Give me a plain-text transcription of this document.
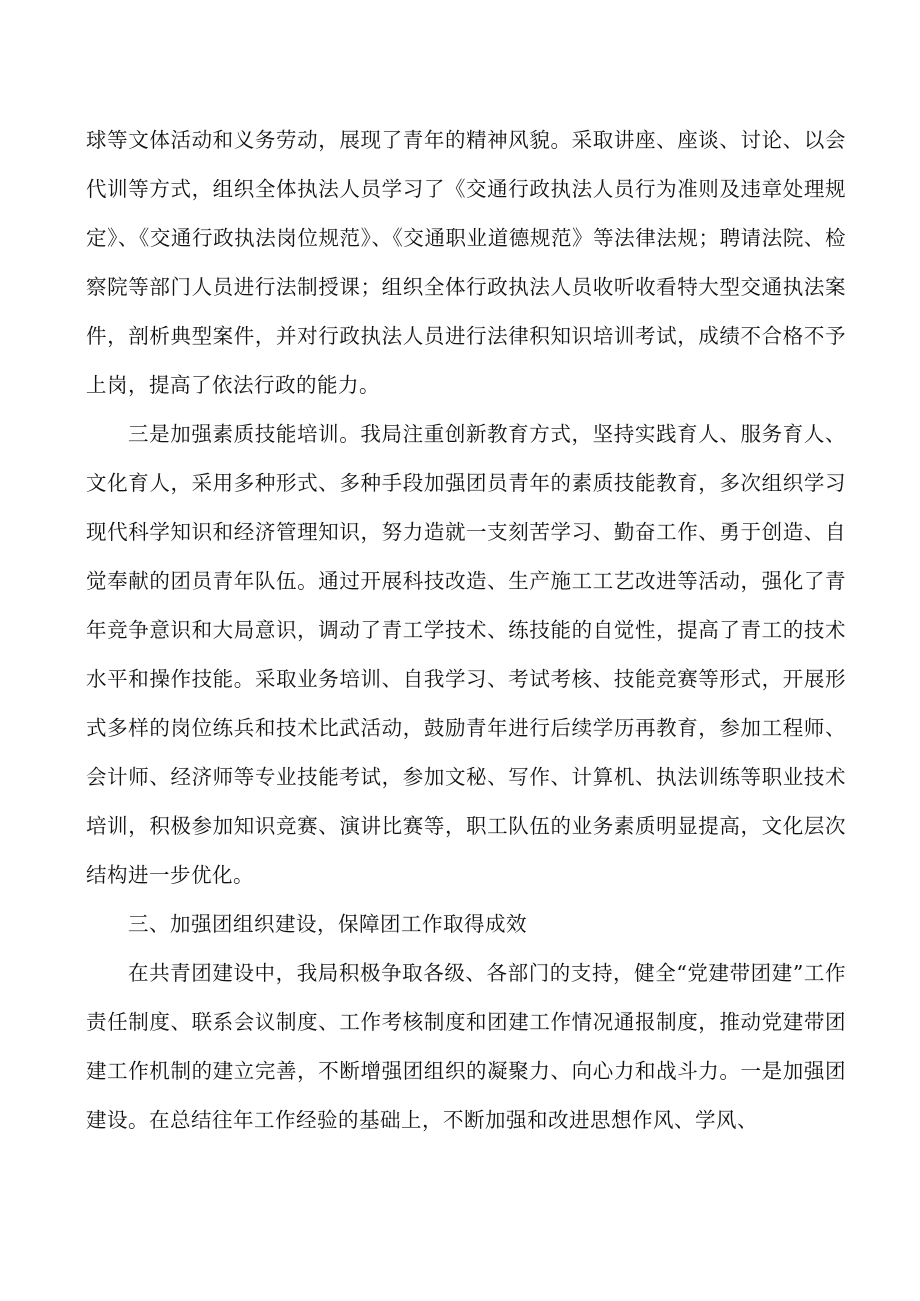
球等文体活动和义务劳动，展现了青年的精神风貌。采取讲座、座谈、讨论、以会代训等方式，组织全体执法人员学习了《交通行政执法人员行为准则及违章处理规定》、《交通行政执法岗位规范》、《交通职业道德规范》等法律法规；聘请法院、检察院等部门人员进行法制授课；组织全体行政执法人员收听收看特大型交通执法案件，剖析典型案件，并对行政执法人员进行法律积知识培训考试，成绩不合格不予上岗，提高了依法行政的能力。

三是加强素质技能培训。我局注重创新教育方式，坚持实践育人、服务育人、文化育人，采用多种形式、多种手段加强团员青年的素质技能教育，多次组织学习现代科学知识和经济管理知识，努力造就一支刻苦学习、勤奋工作、勇于创造、自觉奉献的团员青年队伍。通过开展科技改造、生产施工工艺改进等活动，强化了青年竞争意识和大局意识，调动了青工学技术、练技能的自觉性，提高了青工的技术水平和操作技能。采取业务培训、自我学习、考试考核、技能竞赛等形式，开展形式多样的岗位练兵和技术比武活动，鼓励青年进行后续学历再教育，参加工程师、会计师、经济师等专业技能考试，参加文秘、写作、计算机、执法训练等职业技术培训，积极参加知识竞赛、演讲比赛等，职工队伍的业务素质明显提高，文化层次结构进一步优化。

三、加强团组织建设，保障团工作取得成效

在共青团建设中，我局积极争取各级、各部门的支持，健全“党建带团建”工作责任制度、联系会议制度、工作考核制度和团建工作情况通报制度，推动党建带团建工作机制的建立完善，不断增强团组织的凝聚力、向心力和战斗力。一是加强团建设。在总结往年工作经验的基础上，不断加强和改进思想作风、学风、
